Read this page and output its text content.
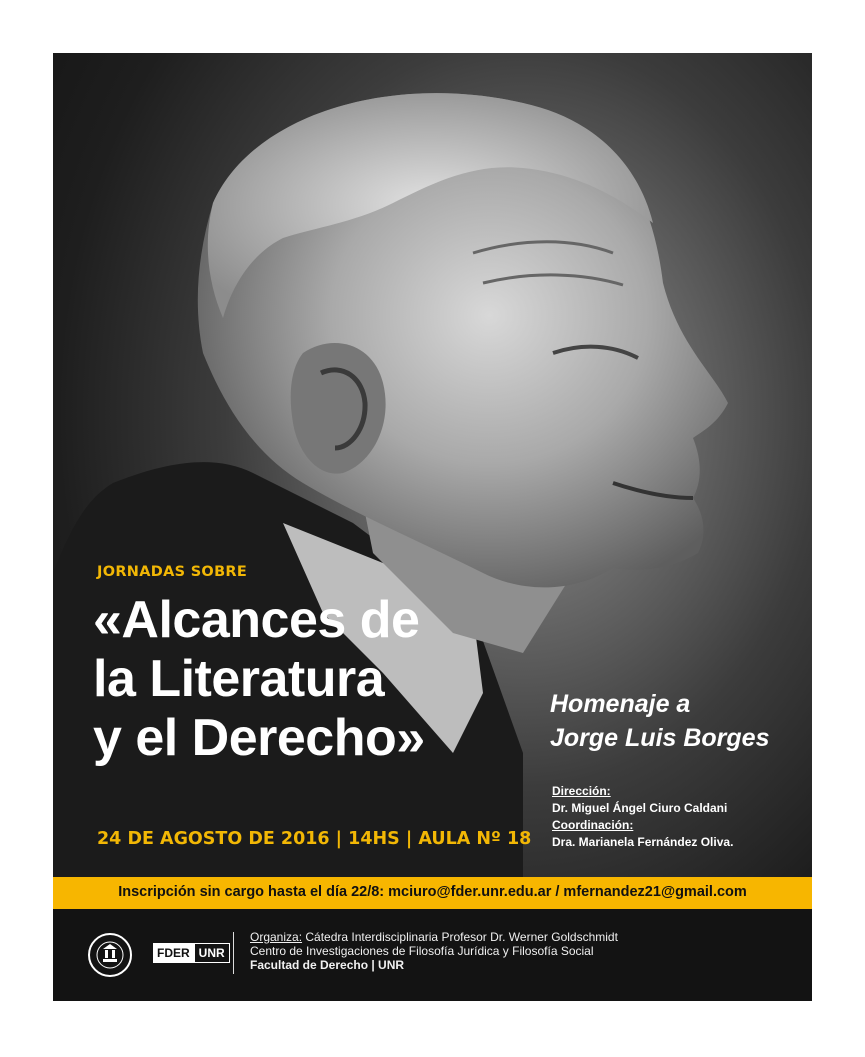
JORNADAS SOBRE
«Alcances de
la Literatura
y el Derecho»
24 DE AGOSTO DE 2016 | 14HS | AULA Nº 18
Homenaje a
Jorge Luis Borges
Dirección:
Dr. Miguel Ángel Ciuro Caldani
Coordinación:
Dra. Marianela Fernández Oliva.
Inscripción sin cargo hasta el día 22/8: mciuro@fder.unr.edu.ar / mfernandez21@gmail.com
FDER UNR
Organiza: Cátedra Interdisciplinaria Profesor Dr. Werner Goldschmidt
Centro de Investigaciones de Filosofía Jurídica y Filosofía Social
Facultad de Derecho | UNR
